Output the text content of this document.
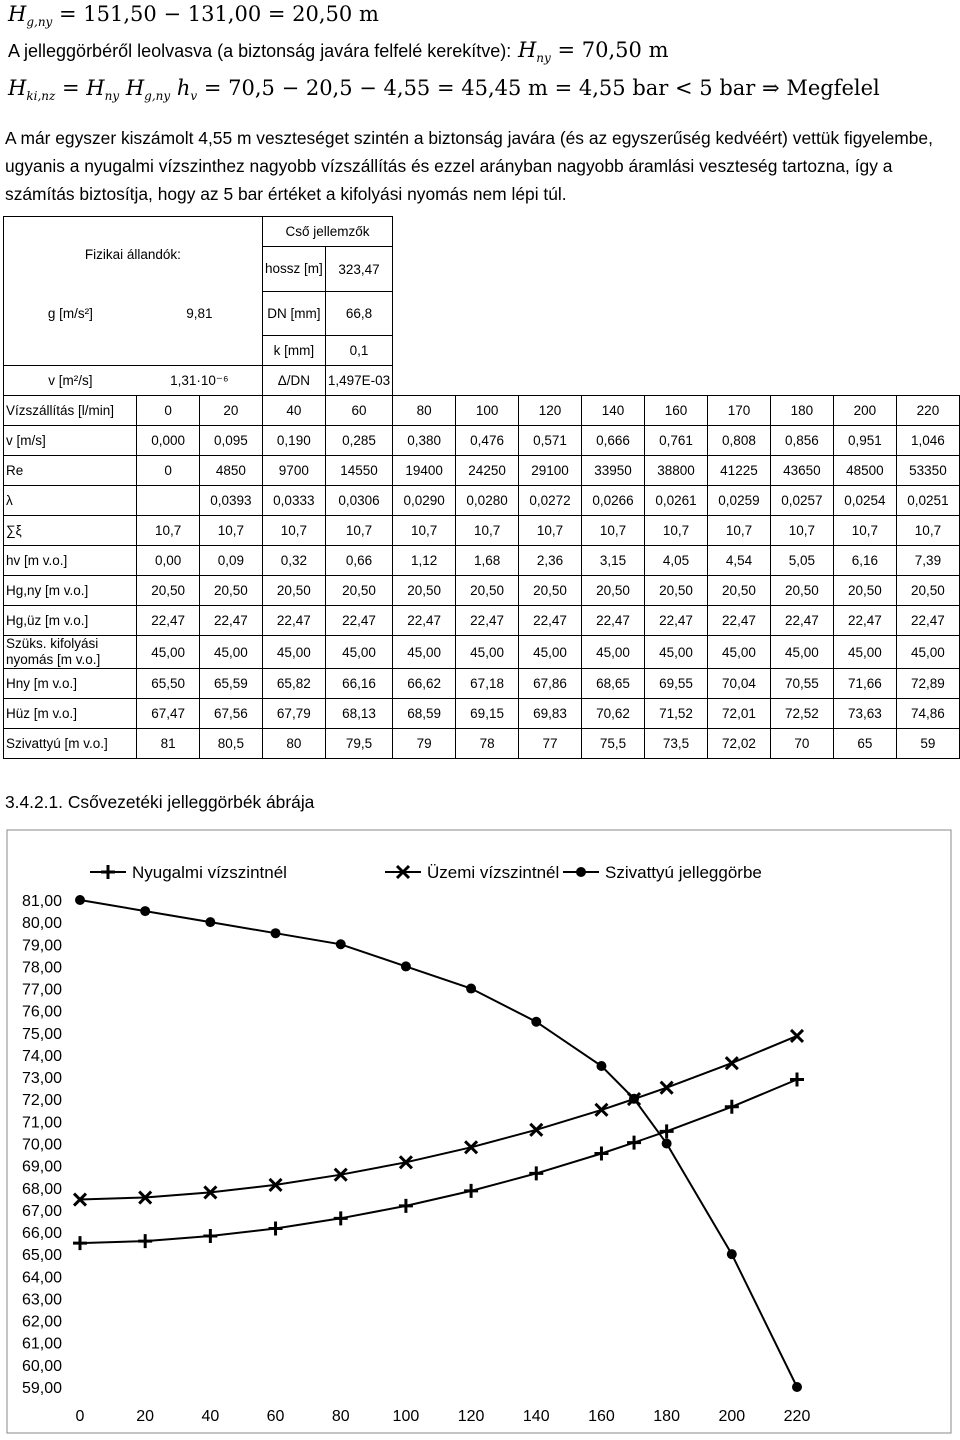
$H_{g,ny} = 151,50 - 131,00 = 20,50$ m
A jelleggörbéről leolvasva (a biztonság javára felfelé kerekítve): $H_{ny} = 70,50$ m
$H_{ki,nz} = H_{ny}$ $H_{g,ny}$ $h_v = 70,5 - 20,5 - 4,55 = 45,45$ m = 4,55 bar < 5 bar ⇒ Megfelel
A már egyszer kiszámolt 4,55 m veszteséget szintén a biztonság javára (és az egyszerűség kedvéért) vettük figyelembe, ugyanis a nyugalmi vízszinthez nagyobb vízszállítás és ezzel arányban nagyobb áramlási veszteség tartozna, így a számítás biztosítja, hogy az 5 bar értéket a kifolyási nyomás nem lépi túl.
Fizikai állandók:			Cső jellemzők										
			hossz [m]	323,47									
g [m/s²]	9,81		DN [mm]	66,8									
			k [mm]	0,1									
v [m²/s]	1,31·10⁻⁶		Δ/DN	1,497E-03									
Vízszállítás [l/min]	0	20	40	60	80	100	120	140	160	170	180	200	220
v [m/s]	0,000	0,095	0,190	0,285	0,380	0,476	0,571	0,666	0,761	0,808	0,856	0,951	1,046
Re	0	4850	9700	14550	19400	24250	29100	33950	38800	41225	43650	48500	53350
λ		0,0393	0,0333	0,0306	0,0290	0,0280	0,0272	0,0266	0,0261	0,0259	0,0257	0,0254	0,0251
∑ξ	10,7	10,7	10,7	10,7	10,7	10,7	10,7	10,7	10,7	10,7	10,7	10,7	10,7
hv [m v.o.]	0,00	0,09	0,32	0,66	1,12	1,68	2,36	3,15	4,05	4,54	5,05	6,16	7,39
Hg,ny [m v.o.]	20,50	20,50	20,50	20,50	20,50	20,50	20,50	20,50	20,50	20,50	20,50	20,50	20,50
Hg,üz [m v.o.]	22,47	22,47	22,47	22,47	22,47	22,47	22,47	22,47	22,47	22,47	22,47	22,47	22,47
Szüks. kifolyási nyomás [m v.o.]	45,00	45,00	45,00	45,00	45,00	45,00	45,00	45,00	45,00	45,00	45,00	45,00	45,00
Hny [m v.o.]	65,50	65,59	65,82	66,16	66,62	67,18	67,86	68,65	69,55	70,04	70,55	71,66	72,89
Hüz [m v.o.]	67,47	67,56	67,79	68,13	68,59	69,15	69,83	70,62	71,52	72,01	72,52	73,63	74,86
Szivattyú [m v.o.]	81	80,5	80	79,5	79	78	77	75,5	73,5	72,02	70	65	59
3.4.2.1. Csővezetéki jelleggörbék ábrája
59,00
60,00
61,00
62,00
63,00
64,00
65,00
66,00
67,00
68,00
69,00
70,00
71,00
72,00
73,00
74,00
75,00
76,00
77,00
78,00
79,00
80,00
81,00
0	20	40	60	80	100 120 140 160 180 200 220
Nyugalmi vízszintnél	Üzemi vízszintnél	Szivattyú jelleggörbe
